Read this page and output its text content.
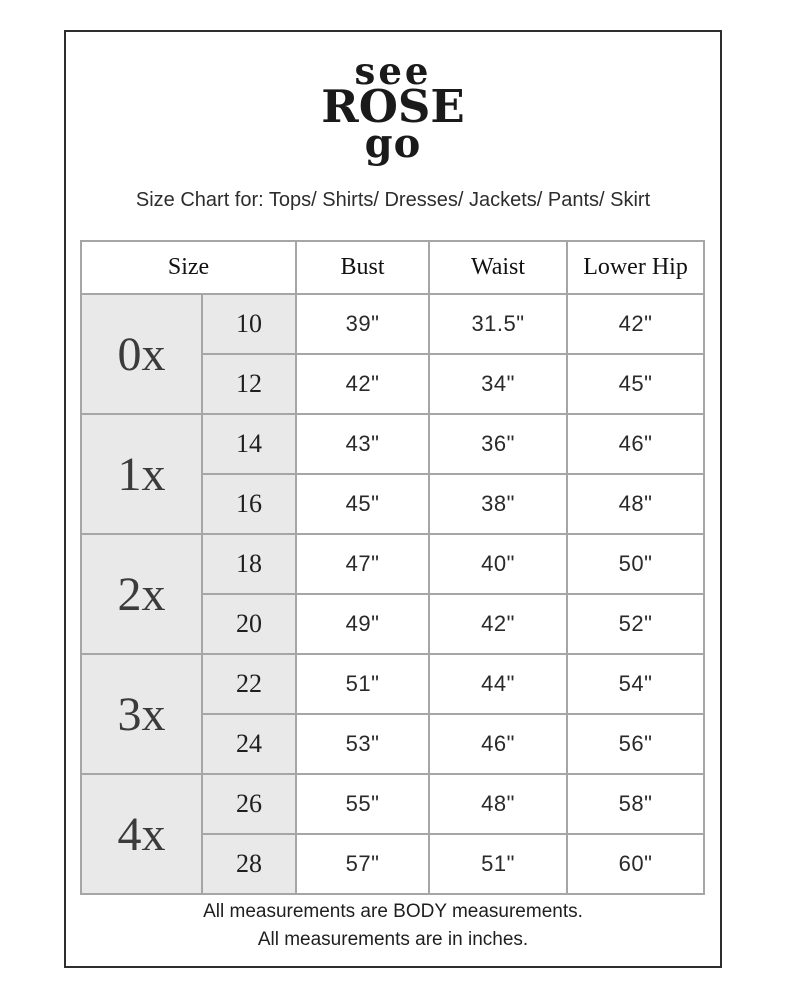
see
ROSE
go
Size Chart for: Tops/ Shirts/ Dresses/ Jackets/ Pants/ Skirt
Size		Bust	Waist	Lower Hip
0x	10	39"	31.5"	42"
	12	42"	34"	45"
1x	14	43"	36"	46"
	16	45"	38"	48"
2x	18	47"	40"	50"
	20	49"	42"	52"
3x	22	51"	44"	54"
	24	53"	46"	56"
4x	26	55"	48"	58"
	28	57"	51"	60"
All measurements are BODY measurements.
All measurements are in inches.
